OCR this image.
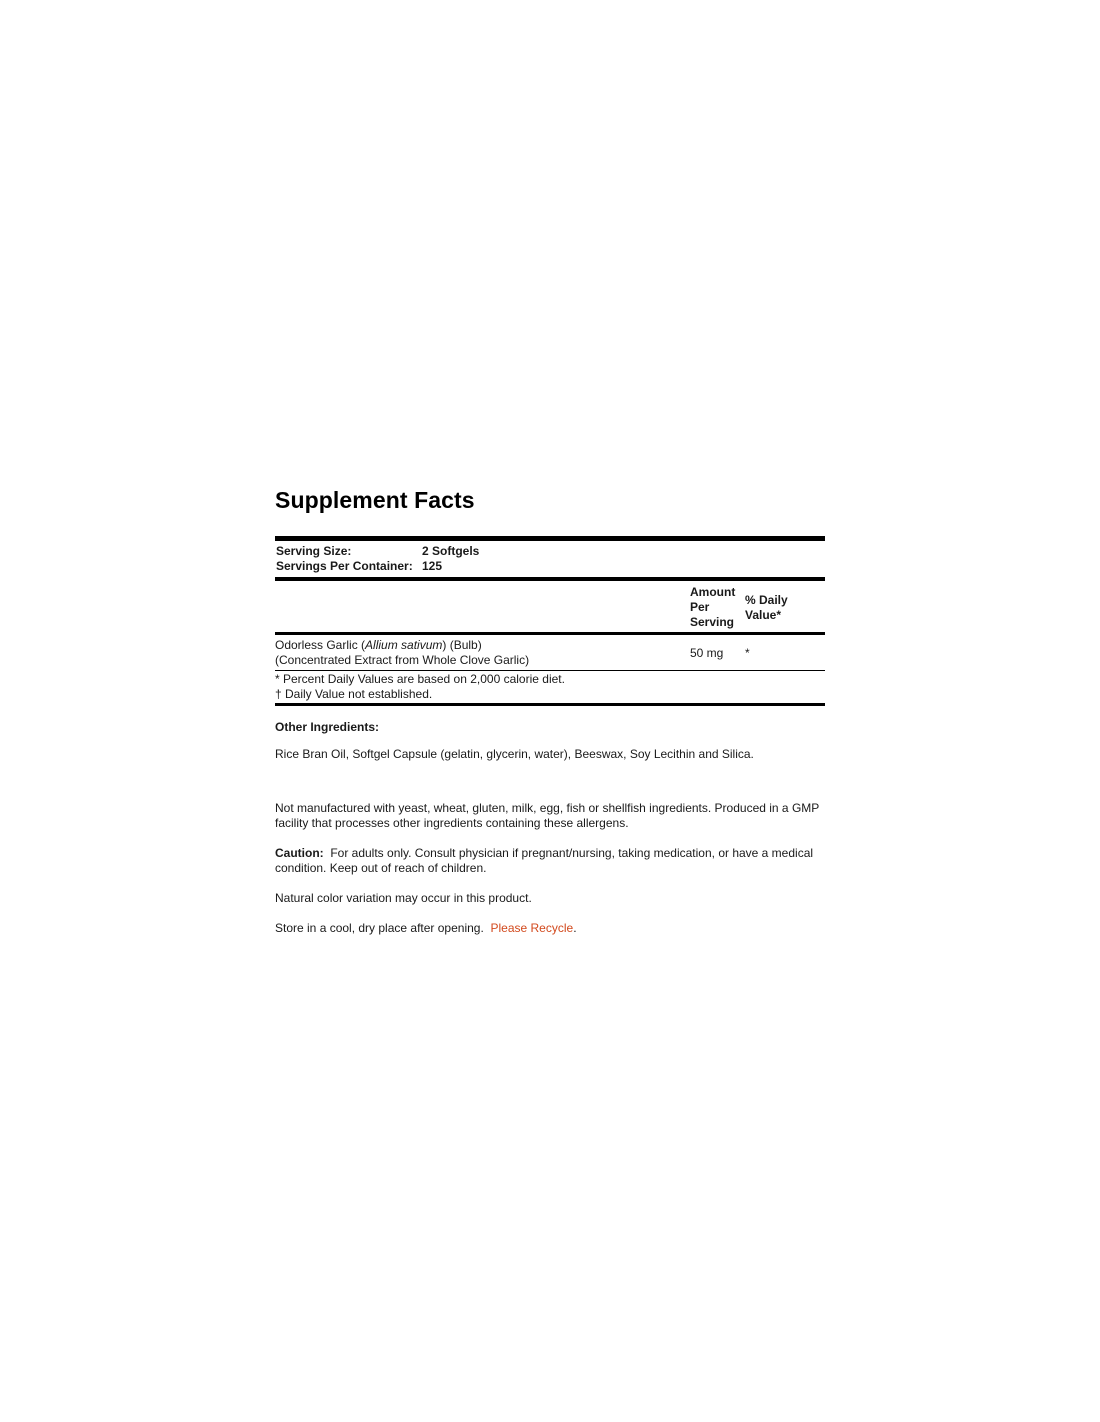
Supplement Facts
Serving Size:	2 Softgels
Servings Per Container: 125
Amount
Per
Serving
% Daily Value*
Odorless Garlic (Allium sativum) (Bulb)
(Concentrated Extract from Whole Clove Garlic)
50 mg	*
* Percent Daily Values are based on 2,000 calorie diet.
† Daily Value not established.
Other Ingredients:
Rice Bran Oil, Softgel Capsule (gelatin, glycerin, water), Beeswax, Soy Lecithin and Silica.
Not manufactured with yeast, wheat, gluten, milk, egg, fish or shellfish ingredients. Produced in a GMP facility that processes other ingredients containing these allergens.
Caution: For adults only. Consult physician if pregnant/nursing, taking medication, or have a medical condition. Keep out of reach of children.
Natural color variation may occur in this product.
Store in a cool, dry place after opening. Please Recycle.
